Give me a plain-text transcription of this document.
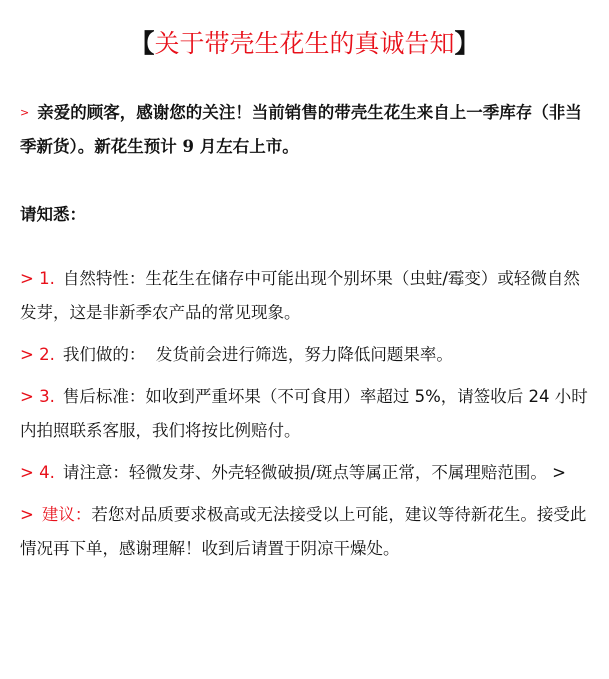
【关于带壳生花生的真诚告知】

> 亲爱的顾客，感谢您的关注！当前销售的带壳生花生来自上一季库存（非当季新货）。新花生预计 9 月左右上市。

请知悉：

> 1. 自然特性：生花生在储存中可能出现个别坏果（虫蛀/霉变）或轻微自然发芽，这是非新季农产品的常见现象。

> 2. 我们做的：  发货前会进行筛选，努力降低问题果率。

> 3. 售后标准：如收到严重坏果（不可食用）率超过 5%，请签收后 24 小时内拍照联系客服，我们将按比例赔付。

> 4. 请注意：轻微发芽、外壳轻微破损/斑点等属正常，不属理赔范围。 >

> 建议：若您对品质要求极高或无法接受以上可能，建议等待新花生。接受此情况再下单，感谢理解！收到后请置于阴凉干燥处。
